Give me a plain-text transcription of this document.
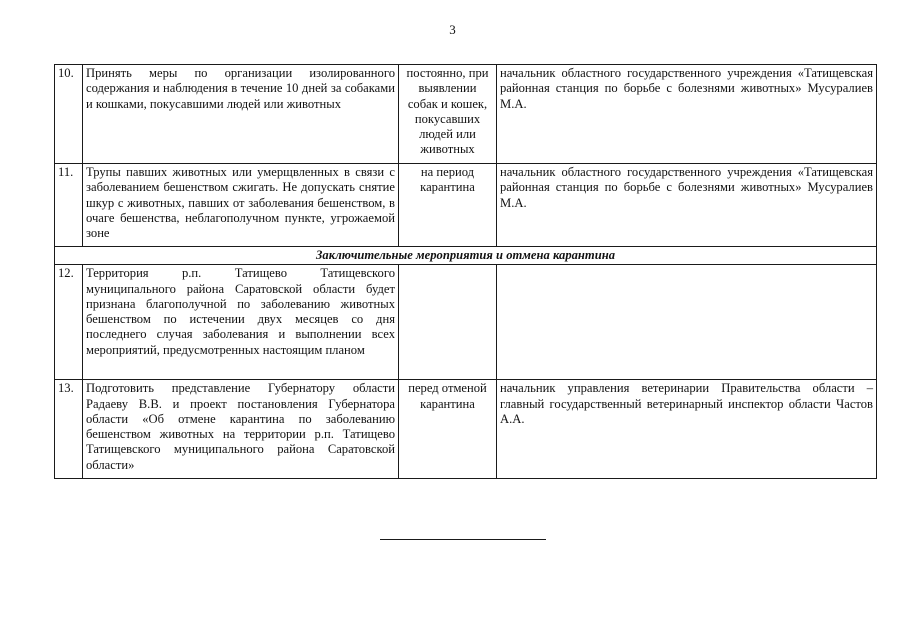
3
10.	Принять меры по организации изолированного содержания и наблюдения в течение 10 дней за собаками и кошками, покусавшими людей или животных	постоянно, при выявлении собак и кошек, покусавших людей или животных	начальник областного государственного учреждения «Татищевская районная станция по борьбе с болезнями животных» Мусуралиев М.А.
11.	Трупы павших животных или умерщвленных в связи с заболеванием бешенством сжигать. Не допускать снятие шкур с животных, павших от заболевания бешенством, в очаге бешенства, неблагополучном пункте, угрожаемой зоне	на период карантина	начальник областного государственного учреждения «Татищевская районная станция по борьбе с болезнями животных» Мусуралиев М.А.
Заключительные мероприятия и отмена карантина			
12.	Территория р.п. Татищево Татищевского муниципального района Саратовской области будет признана благополучной по заболеванию животных бешенством по истечении двух месяцев со дня последнего случая заболевания и выполнении всех мероприятий, предусмотренных настоящим планом		
13.	Подготовить представление Губернатору области Радаеву В.В. и проект постановления Губернатора области «Об отмене карантина по заболеванию бешенством животных на территории р.п. Татищево Татищевского муниципального района Саратовской области»	перед отменой карантина	начальник управления ветеринарии Правительства области – главный государственный ветеринарный инспектор области Частов А.А.
